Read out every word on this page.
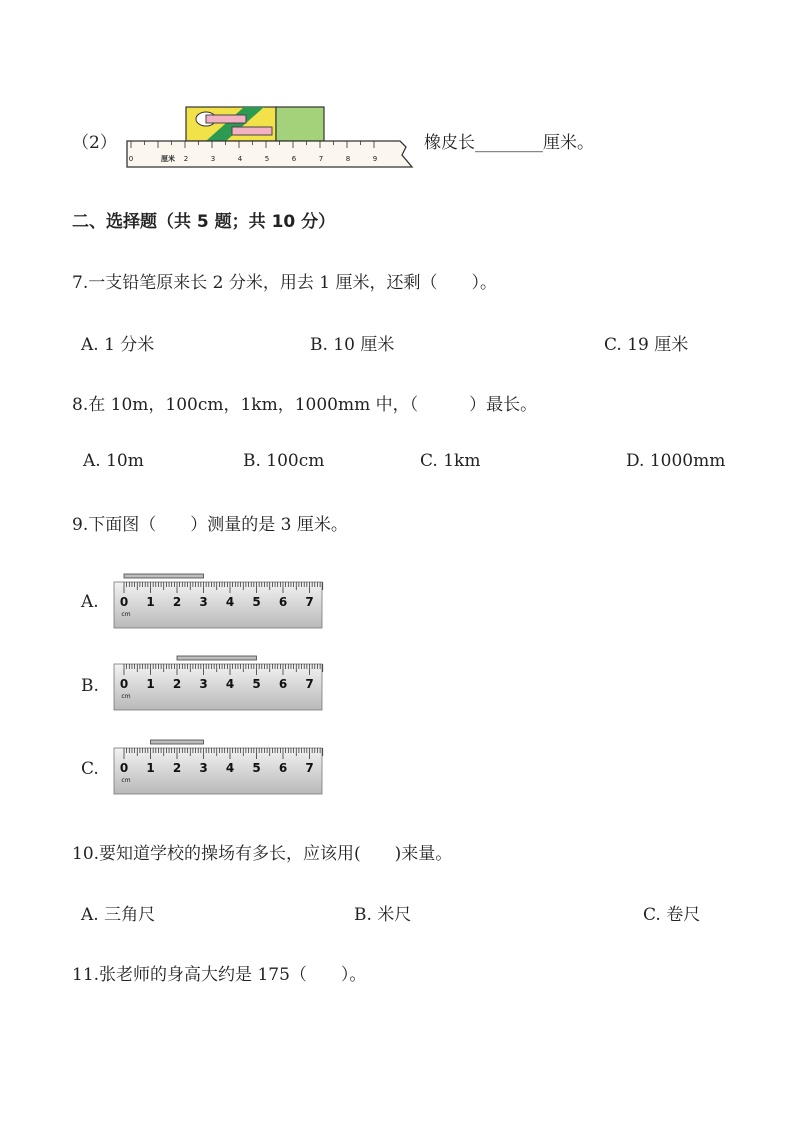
（2）
0	厘米 2	3	4	5	6	7	8	9
橡皮长________厘米。
二、选择题（共 5 题；共 10 分）
7.一支铅笔原来长 2 分米，用去 1 厘米，还剩（　　）。
A. 1 分米	B. 10 厘米	C. 19 厘米
8.在 10m，100cm，1km，1000mm 中，（　　　）最长。
A. 10m	B. 100cm	C. 1km	D. 1000mm
9.下面图（　　）测量的是 3 厘米。
A. 0 1 2 3 4 5 6 7
cm
B. 0 1 2 3 4 5 6 7
cm
C. 0 1 2 3 4 5 6 7
cm
10.要知道学校的操场有多长，应该用(　　)来量。
A. 三角尺	B. 米尺	C. 卷尺
11.张老师的身高大约是 175（　　）。
